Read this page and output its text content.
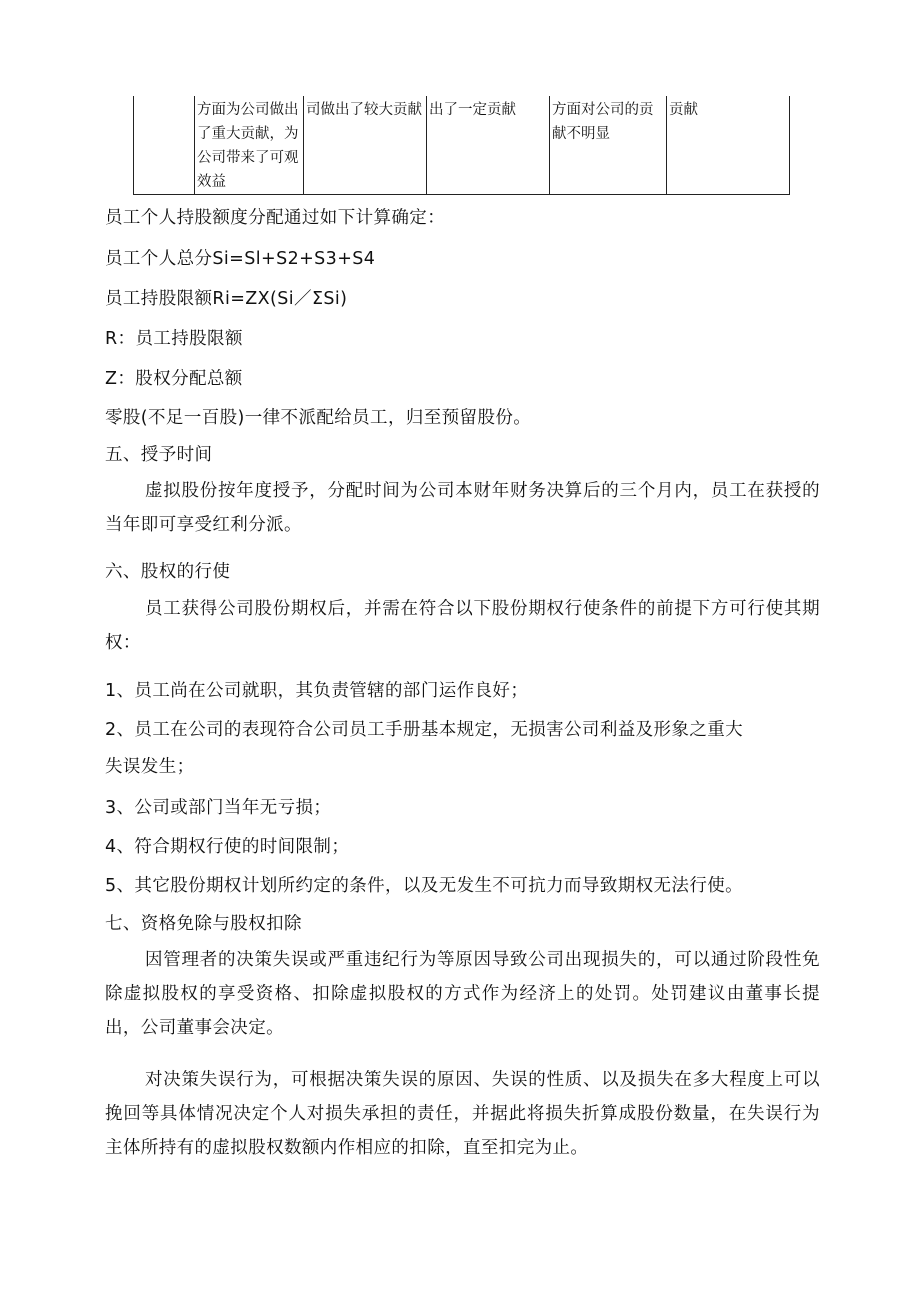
	方面为公司做出了重大贡献，为公司带来了可观效益	司做出了较大贡献	出了一定贡献	方面对公司的贡献不明显	贡献
员工个人持股额度分配通过如下计算确定：
员工个人总分Si=Sl+S2+S3+S4
员工持股限额Ri=ZX(Si／ΣSi)
R：员工持股限额
Z：股权分配总额
零股(不足一百股)一律不派配给员工，归至预留股份。
五、授予时间
虚拟股份按年度授予，分配时间为公司本财年财务决算后的三个月内，员工在获授的当年即可享受红利分派。
六、股权的行使
员工获得公司股份期权后，并需在符合以下股份期权行使条件的前提下方可行使其期权：
1、员工尚在公司就职，其负责管辖的部门运作良好；
2、员工在公司的表现符合公司员工手册基本规定，无损害公司利益及形象之重大
失误发生；
3、公司或部门当年无亏损；
4、符合期权行使的时间限制；
5、其它股份期权计划所约定的条件，以及无发生不可抗力而导致期权无法行使。
七、资格免除与股权扣除
因管理者的决策失误或严重违纪行为等原因导致公司出现损失的，可以通过阶段性免除虚拟股权的享受资格、扣除虚拟股权的方式作为经济上的处罚。处罚建议由董事长提出，公司董事会决定。
对决策失误行为，可根据决策失误的原因、失误的性质、以及损失在多大程度上可以挽回等具体情况决定个人对损失承担的责任，并据此将损失折算成股份数量，在失误行为主体所持有的虚拟股权数额内作相应的扣除，直至扣完为止。
